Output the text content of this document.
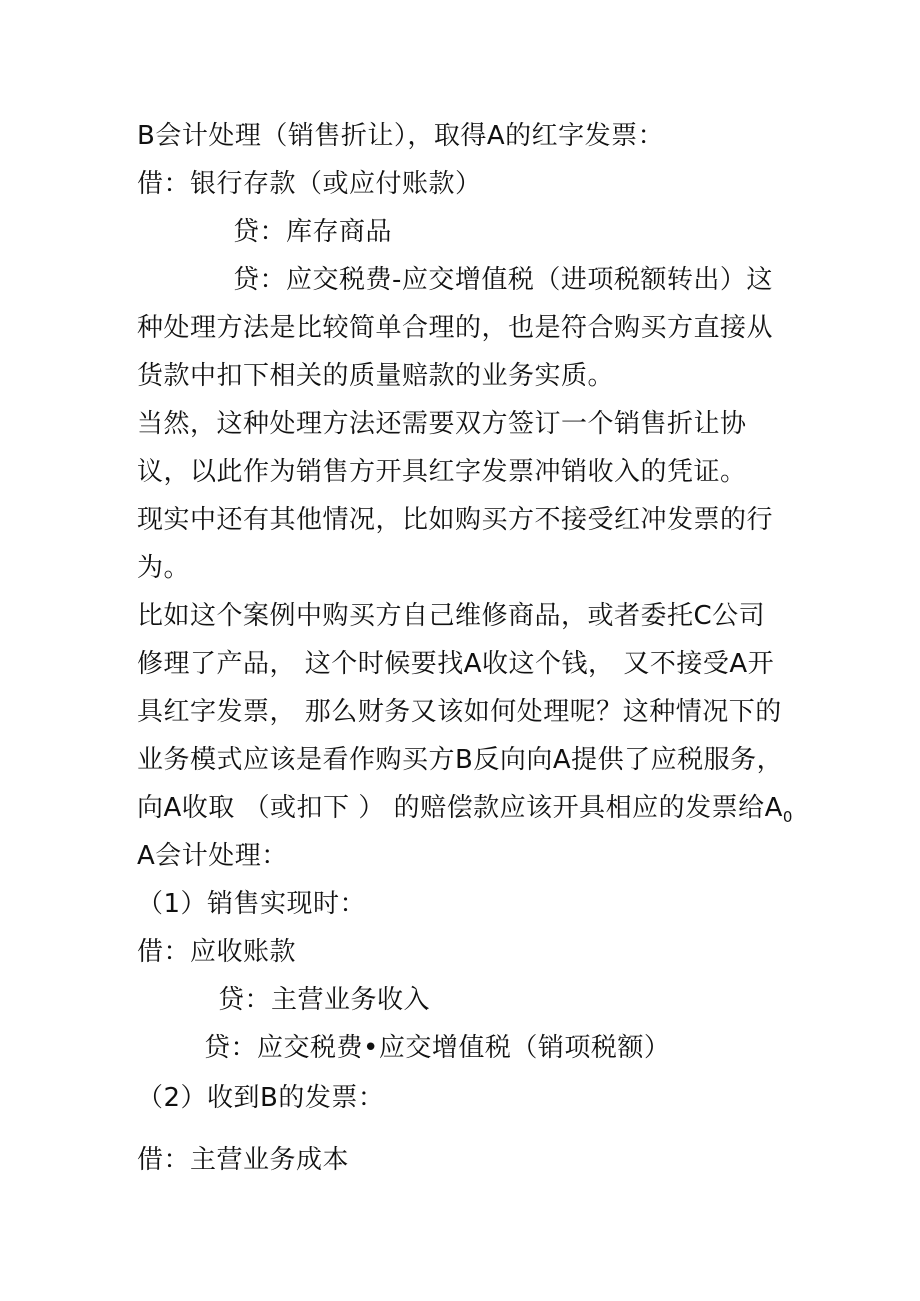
B会计处理（销售折让），取得A的红字发票：

借：银行存款（或应付账款）

贷：库存商品

贷：应交税费-应交增值税（进项税额转出）这

种处理方法是比较简单合理的，也是符合购买方直接从

货款中扣下相关的质量赔款的业务实质。

当然，这种处理方法还需要双方签订一个销售折让协

议，以此作为销售方开具红字发票冲销收入的凭证。

现实中还有其他情况，比如购买方不接受红冲发票的行

为。

比如这个案例中购买方自己维修商品，或者委托C公司

修理了产品， 这个时候要找A收这个钱， 又不接受A开

具红字发票， 那么财务又该如何处理呢？这种情况下的

业务模式应该是看作购买方B反向向A提供了应税服务，

向A收取 （或扣下 ） 的赔偿款应该开具相应的发票给$A_0$

A会计处理：

（1）销售实现时：

借：应收账款

贷：主营业务收入

贷：应交税费•应交增值税（销项税额）

（2）收到B的发票：

借：主营业务成本
